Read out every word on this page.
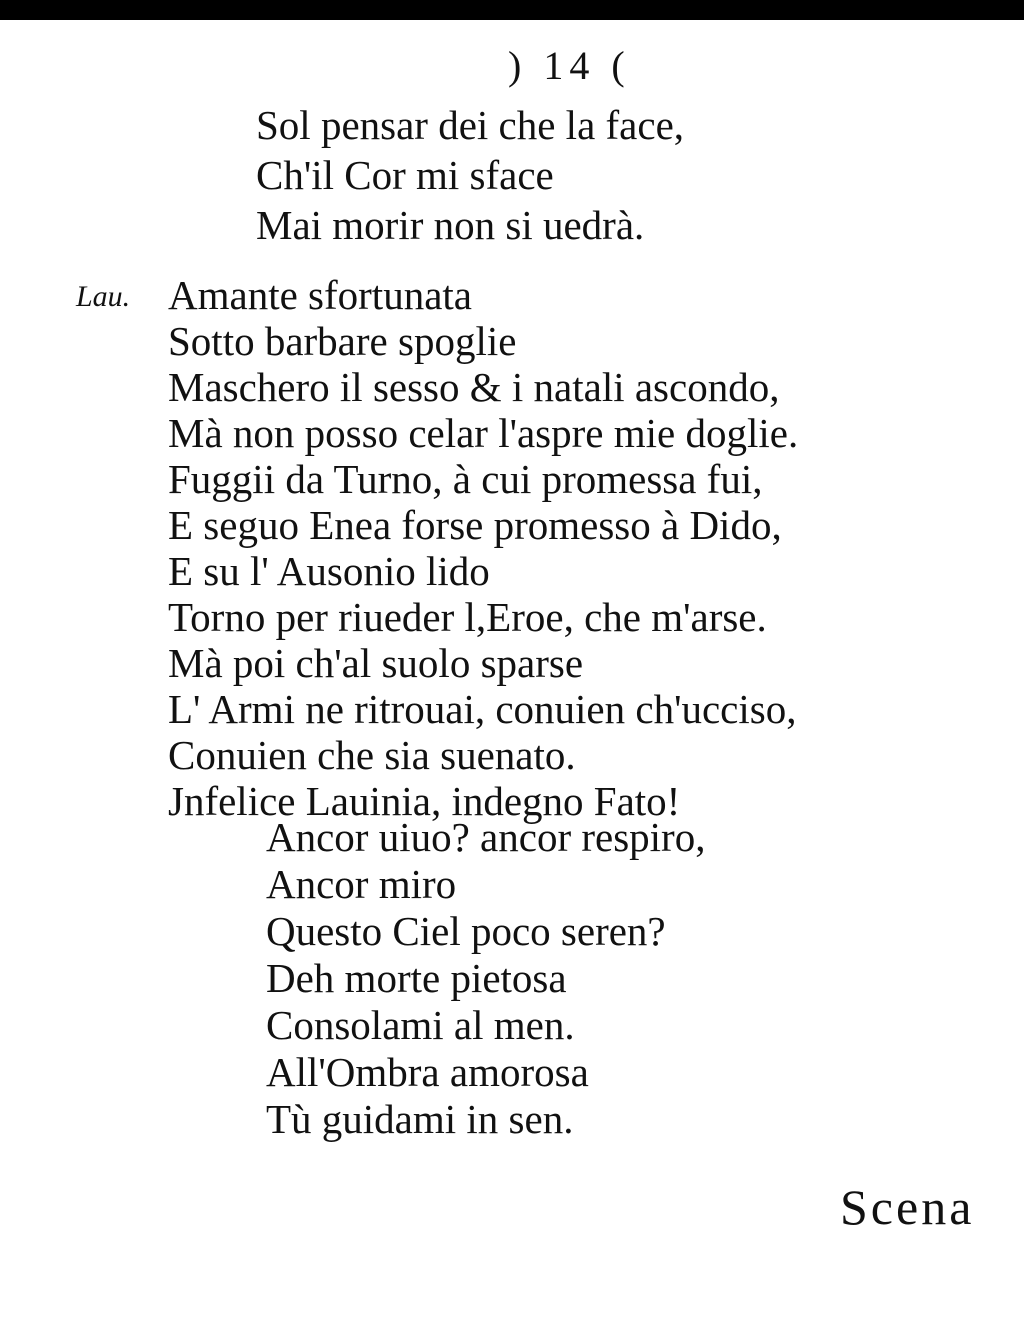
) 14 (
Sol pensar dei che la face,
Ch'il Cor mi sface
Mai morir non si uedrà.
Lau. Amante sfortunata
Sotto barbare spoglie
Maschero il sesso & i natali ascondo,
Mà non posso celar l'aspre mie doglie.
Fuggii da Turno, à cui promessa fui,
E seguo Enea forse promesso à Dido,
E su l' Ausonio lido
Torno per riueder l,Eroe, che m'arse.
Mà poi ch'al suolo sparse
L' Armi ne ritrouai, conuien ch'ucciso,
Conuien che sia suenato.
Jnfelice Lauinia, indegno Fato!
Ancor uiuo? ancor respiro,
Ancor miro
Questo Ciel poco seren?
Deh morte pietosa
Consolami al men.
All'Ombra amorosa
Tù guidami in sen.
Scena
